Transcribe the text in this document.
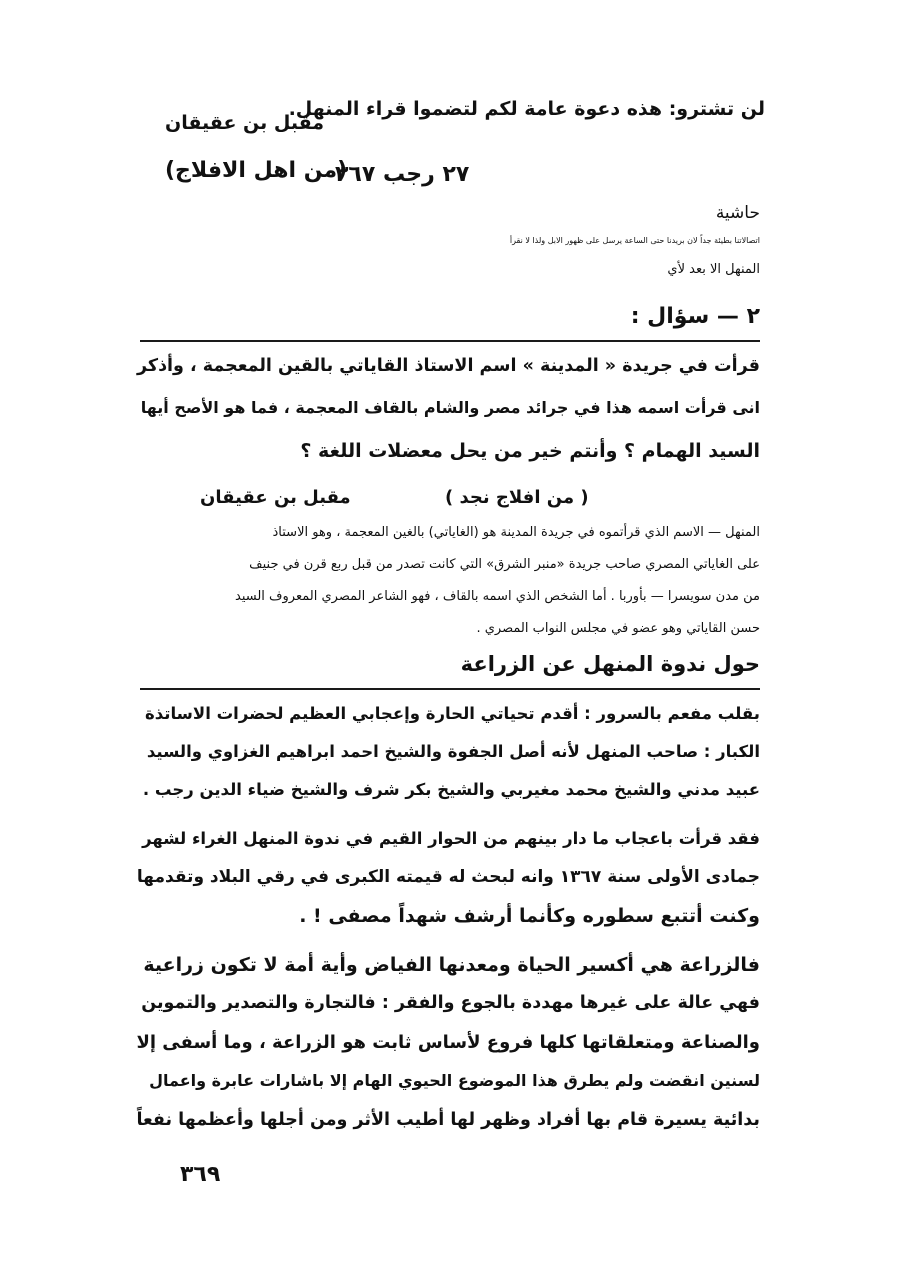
لن تشترو: هذه دعوة عامة لكم لتضموا قراء المنهل.
مقبل بن عقيقان
٢٧ رجب ٣٦٧
(من اهل الافلاج)
حاشية
اتصالاتنا بطيئة جداً لان بريدنا حتى الساعة يرسل على ظهور الابل ولذا لا نقرأ
المنهل الا بعد لأي
٢ — سؤال :
قرأت في جريدة « المدينة » اسم الاستاذ القاياتي بالقين المعجمة ، وأذكر
انى قرأت اسمه هذا في جرائد مصر والشام بالقاف المعجمة ، فما هو الأصح أيها
السيد الهمام ؟ وأنتم خير من يحل معضلات اللغة ؟
( من افلاج نجد )
مقبل بن عقيقان
المنهل — الاسم الذي قرأتموه في جريدة المدينة هو (الغاياتي) بالغين المعجمة ، وهو الاستاذ
على الغاياتي المصري صاحب جريدة «منبر الشرق» التي كانت تصدر من قبل ربع قرن في جنيف
من مدن سويسرا — بأوربا . أما الشخص الذي اسمه بالقاف ، فهو الشاعر المصري المعروف السيد
حسن القاياتي وهو عضو في مجلس النواب المصري .
حول ندوة المنهل عن الزراعة
بقلب مفعم بالسرور : أقدم تحياتي الحارة وإعجابي العظيم لحضرات الاساتذة
الكبار : صاحب المنهل لأنه أصل الجفوة والشيخ احمد ابراهيم الغزاوي والسيد
عبيد مدني والشيخ محمد مغيربي والشيخ بكر شرف والشيخ ضياء الدين رجب .
فقد قرأت باعجاب ما دار بينهم من الحوار القيم في ندوة المنهل الغراء لشهر
جمادى الأولى سنة ١٣٦٧ وانه لبحث له قيمته الكبرى في رقي البلاد وتقدمها
وكنت أتتبع سطوره وكأنما أرشف شهداً مصفى ! .
فالزراعة هي أكسير الحياة ومعدنها الفياض وأية أمة لا تكون زراعية
فهي عالة على غيرها مهددة بالجوع والفقر : فالتجارة والتصدير والتموين
والصناعة ومتعلقاتها كلها فروع لأساس ثابت هو الزراعة ، وما أسفى إلا
لسنين انقضت ولم يطرق هذا الموضوع الحيوي الهام إلا باشارات عابرة واعمال
بدائية يسيرة قام بها أفراد وظهر لها أطيب الأثر ومن أجلها وأعظمها نفعاً
٣٦٩
